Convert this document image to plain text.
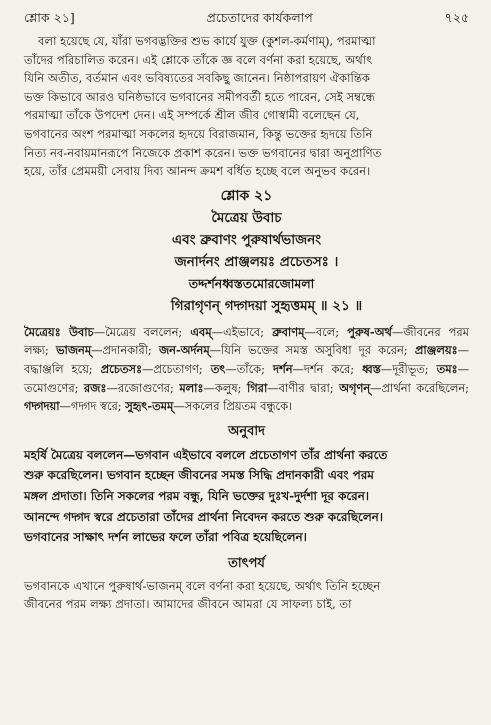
শ্লোক ২১]	প্রচেতাদের কার্যকলাপ	৭২৫
বলা হয়েছে যে, যাঁরা ভগবদ্ভক্তির শুভ কার্যে যুক্ত (কুশল-কর্মণাম্), পরমাত্মা
তাঁদের পরিচালিত করেন। এই শ্লোকে তাঁকে জ্ঞ বলে বর্ণনা করা হয়েছে, অর্থাৎ
যিনি অতীত, বর্তমান এবং ভবিষ্যতের সবকিছু জানেন। নিষ্ঠাপরায়ণ ঐকান্তিক
ভক্ত কিভাবে আরও ঘনিষ্ঠভাবে ভগবানের সমীপবর্তী হতে পারেন, সেই সম্বন্ধে
পরমাত্মা তাঁকে উপদেশ দেন। এই সম্পর্কে শ্রীল জীব গোস্বামী বলেছেন যে,
ভগবানের অংশ পরমাত্মা সকলের হৃদয়ে বিরাজমান, কিন্তু ভক্তের হৃদয়ে তিনি
নিত্য নব-নবায়মানরূপে নিজেকে প্রকাশ করেন। ভক্ত ভগবানের দ্বারা অনুপ্রাণিত
হয়ে, তাঁর প্রেমময়ী সেবায় দিব্য আনন্দ ক্রমশ বর্ধিত হচ্ছে বলে অনুভব করেন।
শ্লোক ২১
মৈত্রেয় উবাচ
এবং ব্রুবাণং পুরুষার্থভাজনং
জনার্দনং প্রাঞ্জলয়ঃ প্রচেতসঃ ।
তদ্দর্শনধ্বস্ততমোরজোমলা
গিরাগৃণন্ গদ্গদয়া সুহৃত্তমম্ ॥ ২১ ॥
মৈত্রেয়ঃ উবাচ—মৈত্রেয় বললেন; এবম্—এইভাবে; ব্রুবাণম্—বলে; পুরুষ-অর্থ—জীবনের পরম লক্ষ্য; ভাজনম্—প্রদানকারী; জন-অর্দনম্—যিনি ভক্তের সমস্ত অসুবিধা দূর করেন; প্রাঞ্জলয়ঃ—বদ্ধাঞ্জলি হয়ে; প্রচেতসঃ—প্রচেতাগণ; তৎ—তাঁকে; দর্শন—দর্শন করে; ধ্বস্ত—দূরীভূত; তমঃ—তমোগুণের; রজঃ—রজোগুণের; মলাঃ—কলুষ; গিরা—বাণীর দ্বারা; অগৃণন্—প্রার্থনা করেছিলেন; গদ্গদয়া—গদ্গদ স্বরে; সুহৃৎ-তমম্—সকলের প্রিয়তম বন্ধুকে।
অনুবাদ
মহর্ষি মৈত্রেয় বললেন—ভগবান এইভাবে বললে প্রচেতাগণ তাঁর প্রার্থনা করতে
শুরু করেছিলেন। ভগবান হচ্ছেন জীবনের সমস্ত সিদ্ধি প্রদানকারী এবং পরম
মঙ্গল প্রদাতা। তিনি সকলের পরম বন্ধু, যিনি ভক্তের দুঃখ-দুর্দশা দূর করেন।
আনন্দে গদ্গদ স্বরে প্রচেতারা তাঁদের প্রার্থনা নিবেদন করতে শুরু করেছিলেন।
ভগবানের সাক্ষাৎ দর্শন লাভের ফলে তাঁরা পবিত্র হয়েছিলেন।
তাৎপর্য
ভগবানকে এখানে পুরুষার্থ-ভাজনম্ বলে বর্ণনা করা হয়েছে, অর্থাৎ তিনি হচ্ছেন
জীবনের পরম লক্ষ্য প্রদাতা। আমাদের জীবনে আমরা যে সাফল্য চাই, তা
